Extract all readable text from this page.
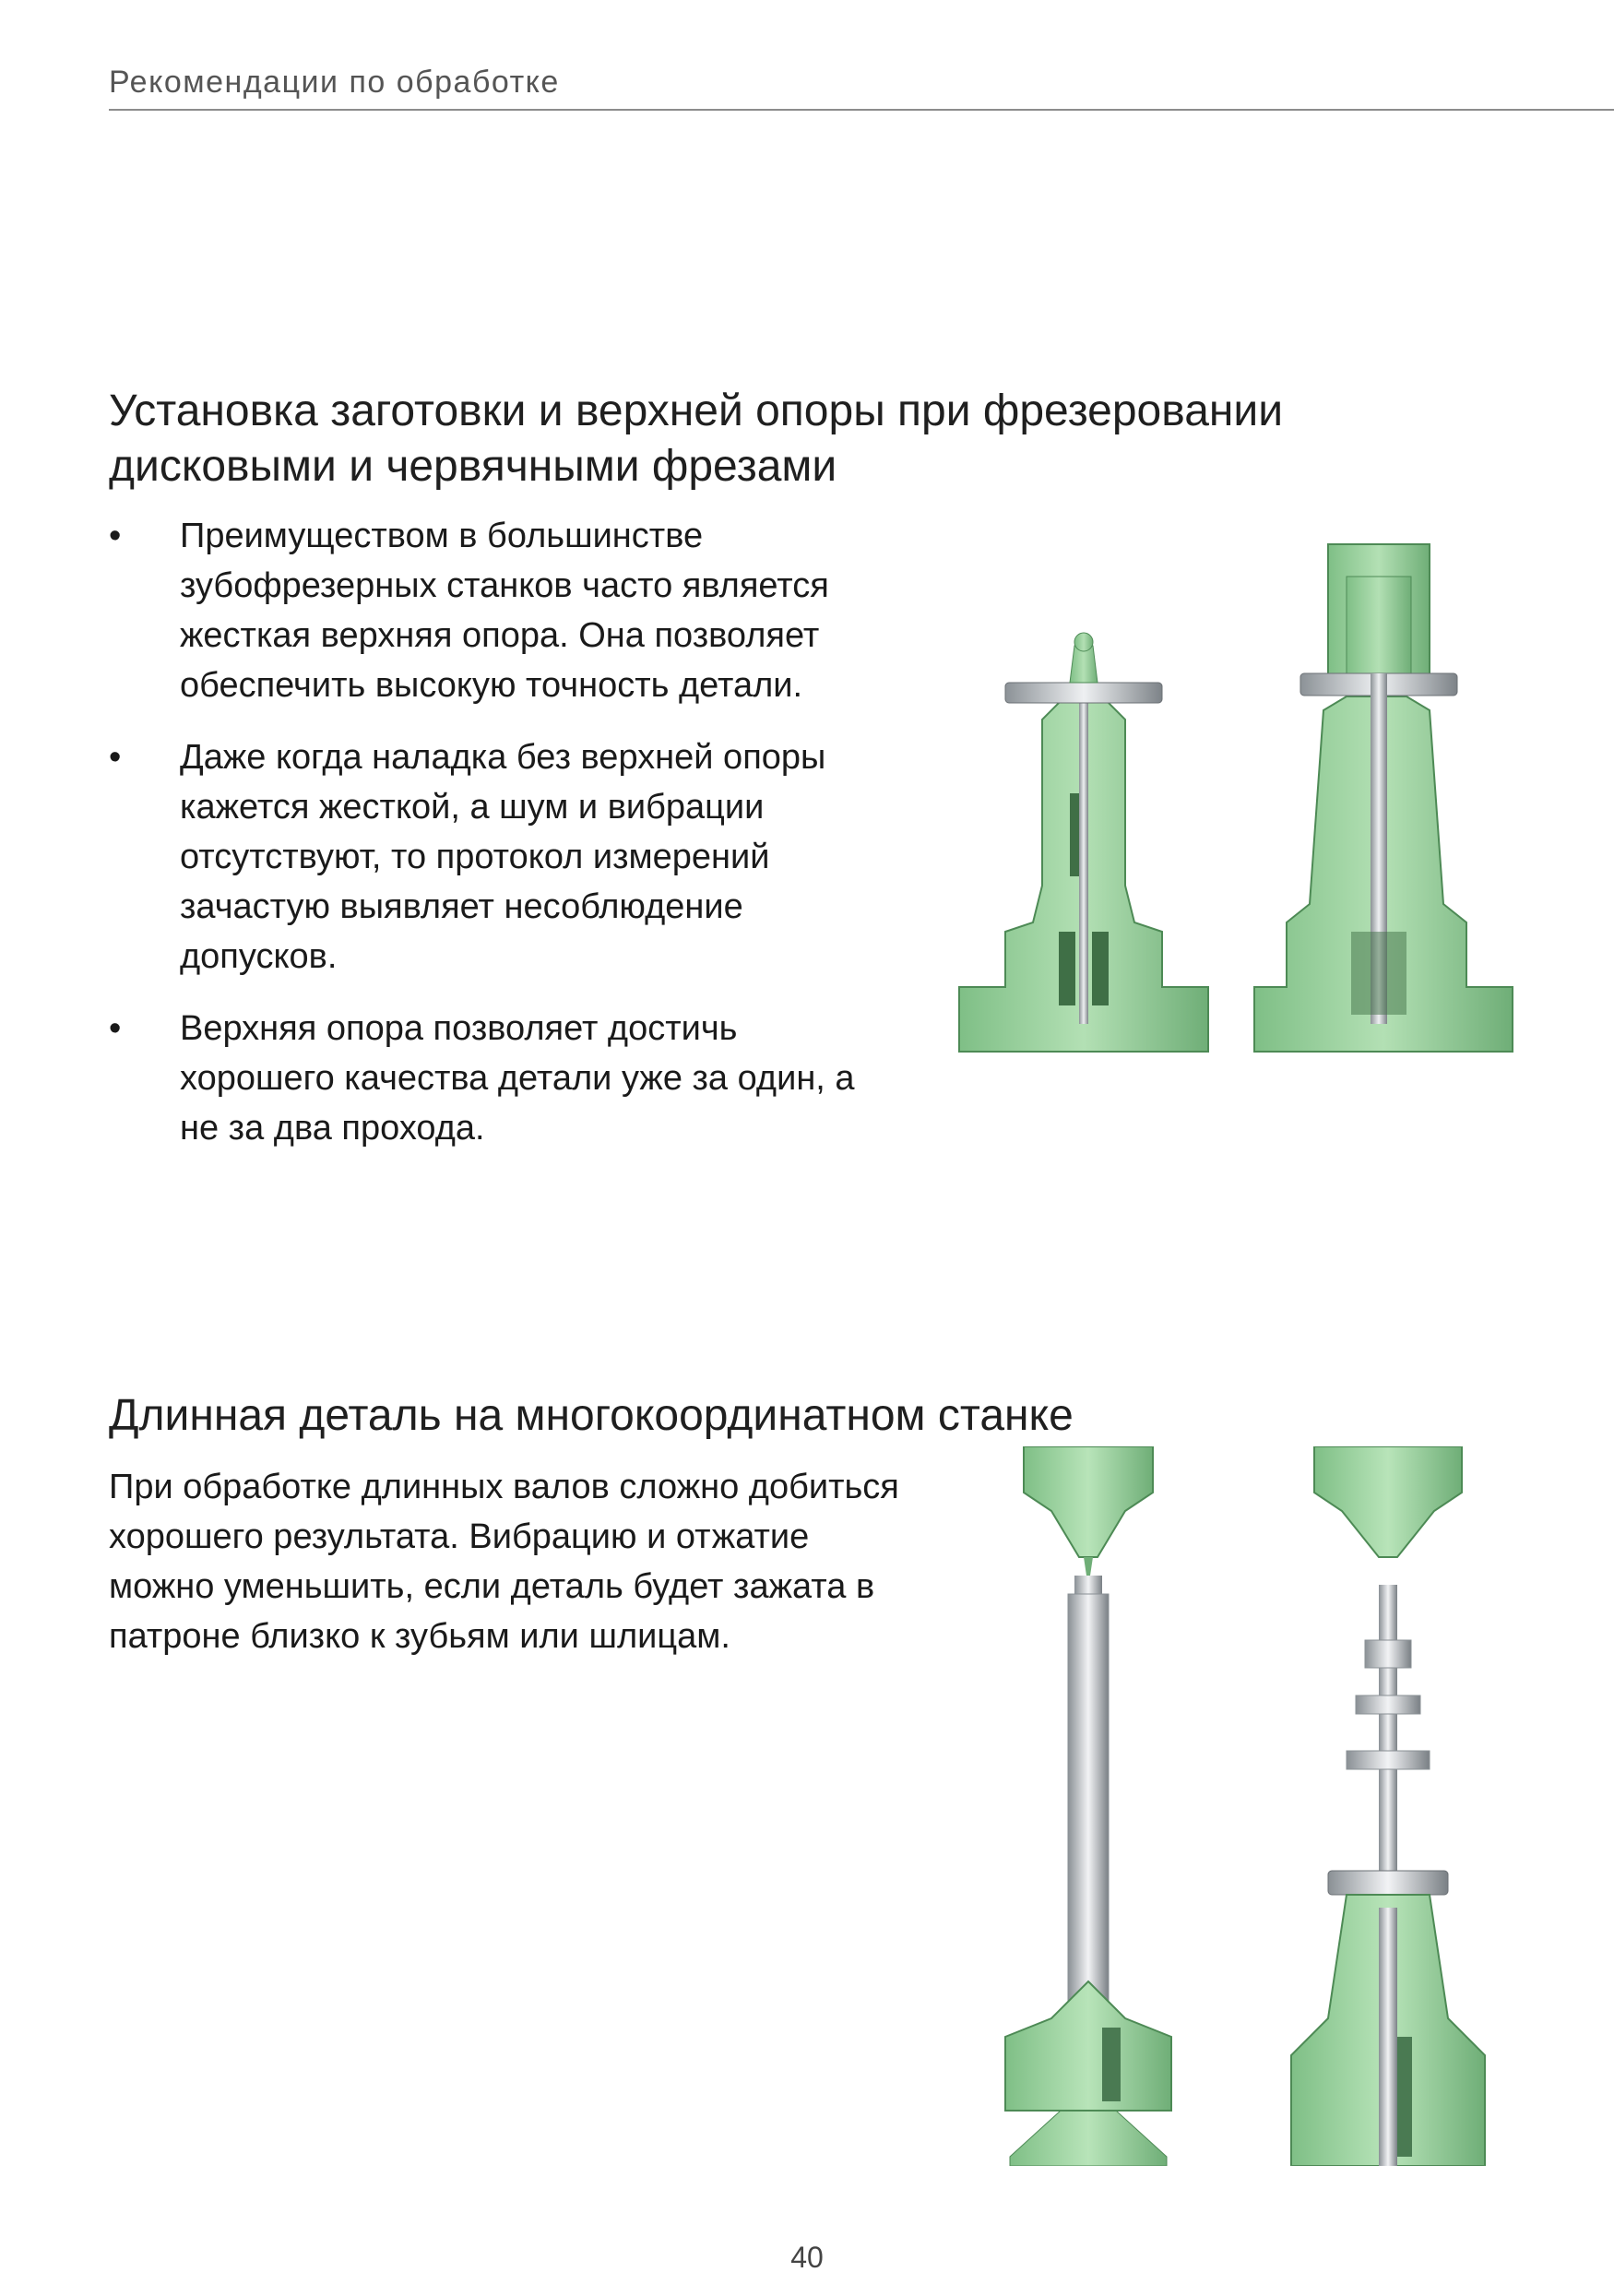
Рекомендации по обработке
Установка заготовки и верхней опоры при фрезеровании дисковыми и червячными фрезами
• Преимуществом в большинстве зубофрезерных станков часто является жесткая верхняя опора. Она позволяет обеспечить высокую точность детали.
• Даже когда наладка без верхней опоры кажется жесткой, а шум и вибрации отсутствуют, то протокол измерений зачастую выявляет несоблюдение допусков.
• Верхняя опора позволяет достичь хорошего качества детали уже за один, а не за два прохода.
Длинная деталь на многокоординатном станке

При обработке длинных валов сложно добиться хорошего результата. Вибрацию и отжатие можно уменьшить, если деталь будет зажата в патроне близко к зубьям или шлицам.

40
